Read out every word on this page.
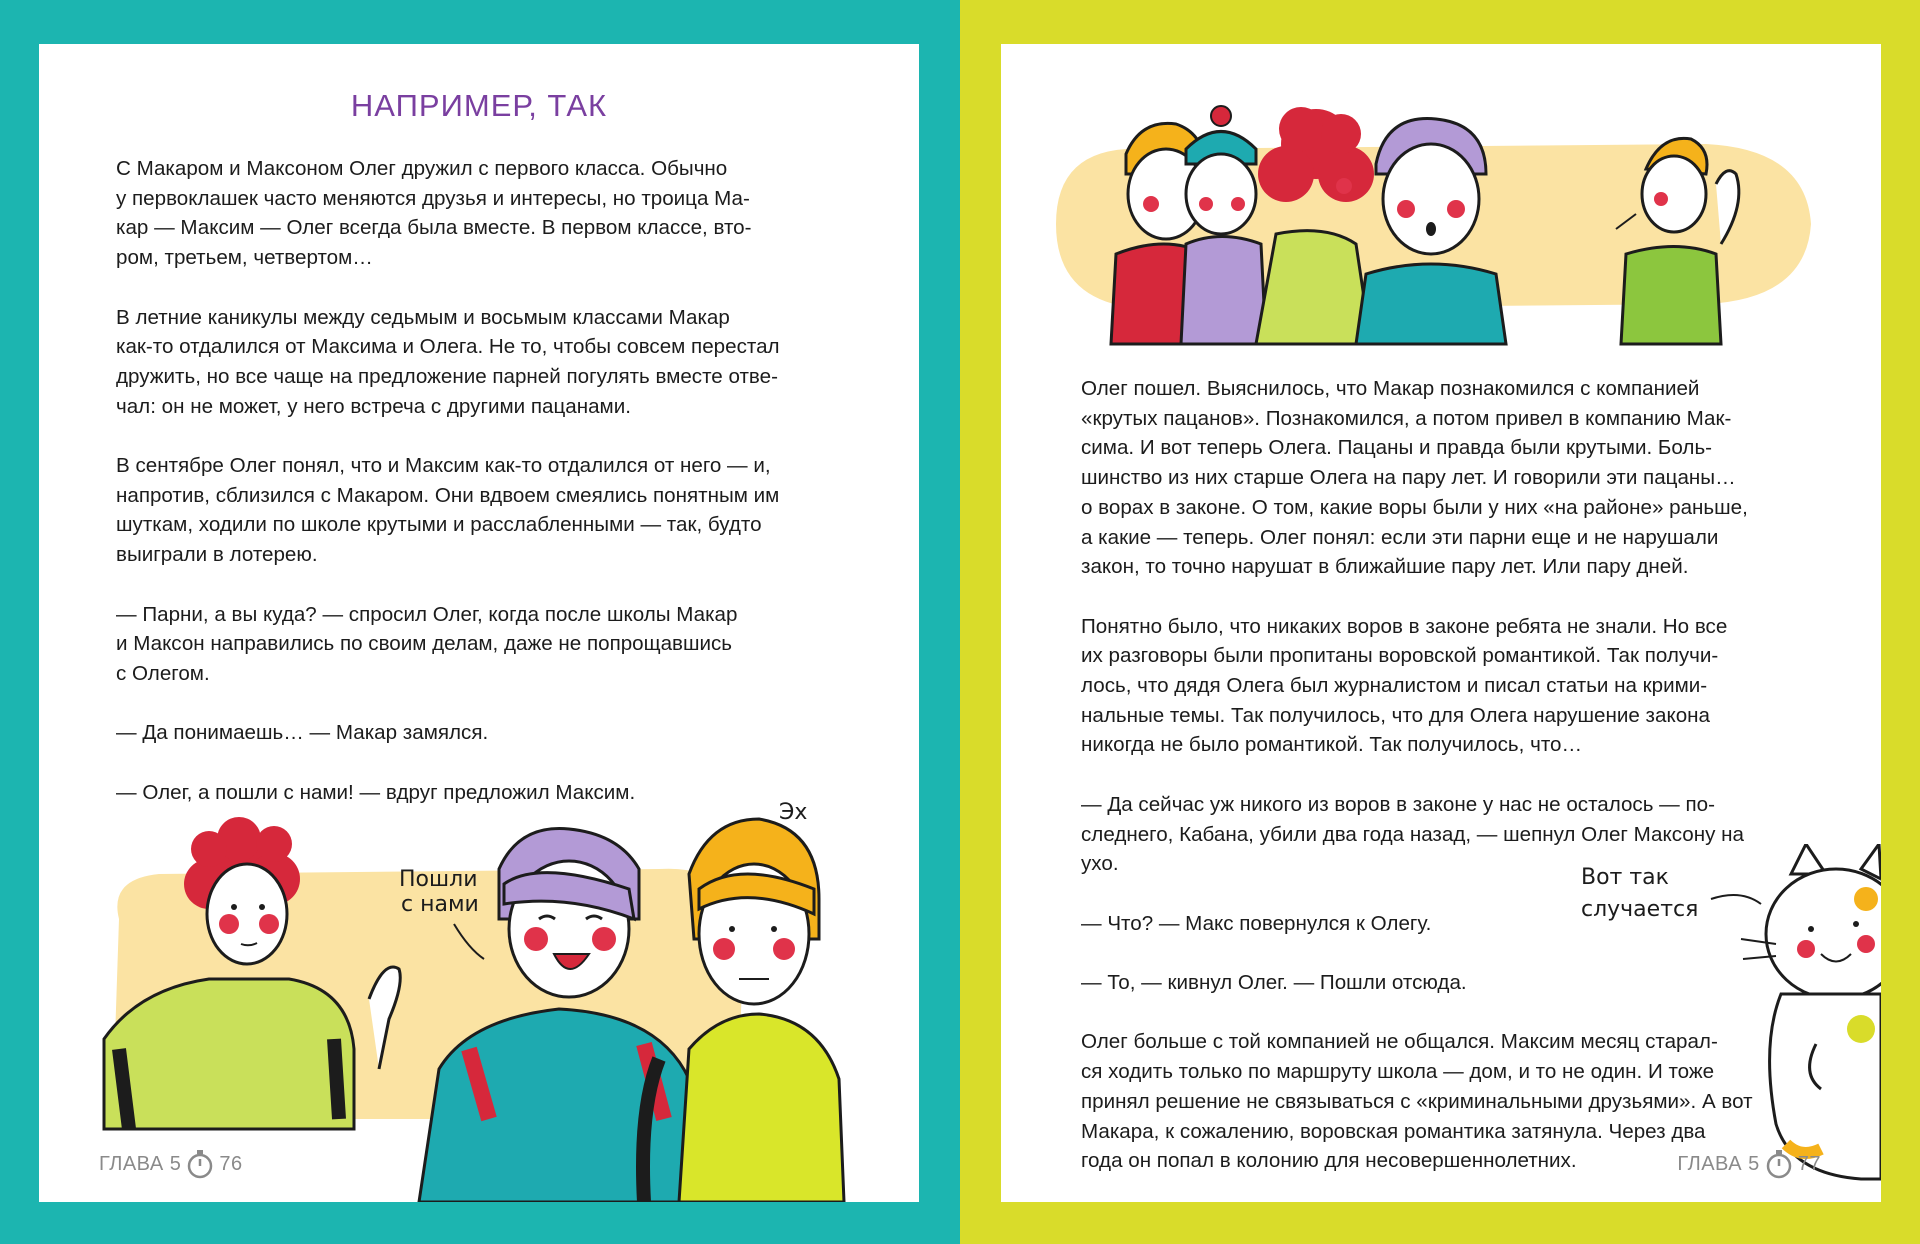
НАПРИМЕР, ТАК

С Макаром и Максоном Олег дружил с первого класса. Обычно
у первоклашек часто меняются друзья и интересы, но троица Ма-
кар — Максим — Олег всегда была вместе. В первом классе, вто-
ром, третьем, четвертом…

В летние каникулы между седьмым и восьмым классами Макар
как-то отдалился от Максима и Олега. Не то, чтобы совсем перестал
дружить, но все чаще на предложение парней погулять вместе отве-
чал: он не может, у него встреча с другими пацанами.

В сентябре Олег понял, что и Максим как-то отдалился от него — и,
напротив, сблизился с Макаром. Они вдвоем смеялись понятным им
шуткам, ходили по школе крутыми и расслабленными — так, будто
выиграли в лотерею.

— Парни, а вы куда? — спросил Олег, когда после школы Макар
и Максон направились по своим делам, даже не попрощавшись
с Олегом.

— Да понимаешь… — Макар замялся.

— Олег, а пошли с нами! — вдруг предложил Максим.

Пошли
с нами
Эх
ГЛАВА 5 76

Олег пошел. Выяснилось, что Макар познакомился с компанией
«крутых пацанов». Познакомился, а потом привел в компанию Мак-
сима. И вот теперь Олега. Пацаны и правда были крутыми. Боль-
шинство из них старше Олега на пару лет. И говорили эти пацаны…
о ворах в законе. О том, какие воры были у них «на районе» раньше,
а какие — теперь. Олег понял: если эти парни еще и не нарушали
закон, то точно нарушат в ближайшие пару лет. Или пару дней.

Понятно было, что никаких воров в законе ребята не знали. Но все
их разговоры были пропитаны воровской романтикой. Так получи-
лось, что дядя Олега был журналистом и писал статьи на крими-
нальные темы. Так получилось, что для Олега нарушение закона
никогда не было романтикой. Так получилось, что…

— Да сейчас уж никого из воров в законе у нас не осталось — по-
следнего, Кабана, убили два года назад, — шепнул Олег Максону на
ухо.

— Что? — Макс повернулся к Олегу.

— То, — кивнул Олег. — Пошли отсюда.

Олег больше с той компанией не общался. Максим месяц старал-
ся ходить только по маршруту школа — дом, и то не один. И тоже
принял решение не связываться с «криминальными друзьями». А вот
Макара, к сожалению, воровская романтика затянула. Через два
года он попал в колонию для несовершеннолетних.

Вот так
случается
ГЛАВА 5 77
